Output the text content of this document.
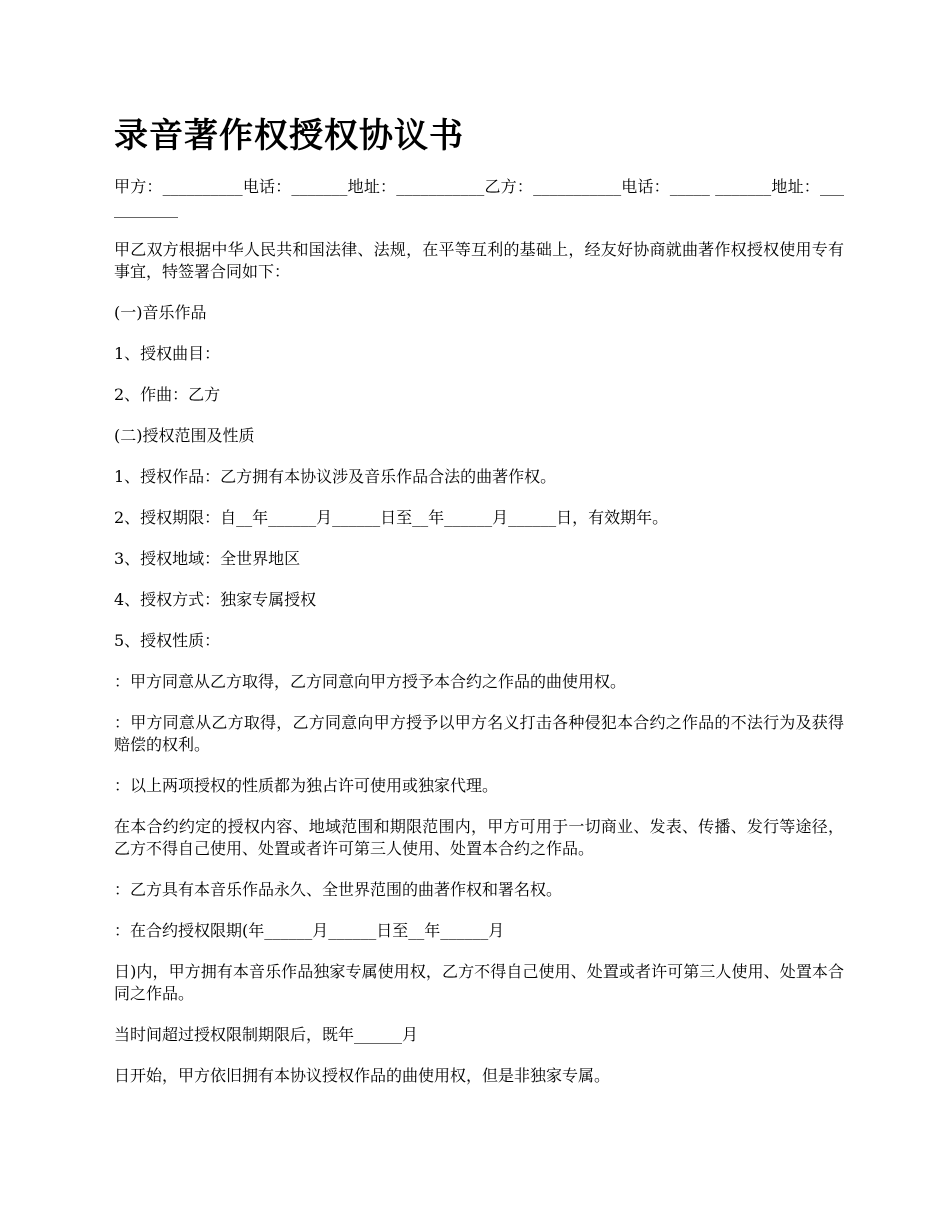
录音著作权授权协议书

甲方：__________电话：_______地址：___________乙方：___________电话：_____ _______地址：___________

甲乙双方根据中华人民共和国法律、法规，在平等互利的基础上，经友好协商就曲著作权授权使用专有事宜，特签署合同如下：

(一)音乐作品

1、授权曲目：

2、作曲：乙方

(二)授权范围及性质

1、授权作品：乙方拥有本协议涉及音乐作品合法的曲著作权。

2、授权期限：自__年______月______日至__年______月______日，有效期年。

3、授权地域：全世界地区

4、授权方式：独家专属授权

5、授权性质：

：甲方同意从乙方取得，乙方同意向甲方授予本合约之作品的曲使用权。

：甲方同意从乙方取得，乙方同意向甲方授予以甲方名义打击各种侵犯本合约之作品的不法行为及获得赔偿的权利。

：以上两项授权的性质都为独占许可使用或独家代理。

在本合约约定的授权内容、地域范围和期限范围内，甲方可用于一切商业、发表、传播、发行等途径，乙方不得自己使用、处置或者许可第三人使用、处置本合约之作品。

：乙方具有本音乐作品永久、全世界范围的曲著作权和署名权。

：在合约授权限期(年______月______日至__年______月

日)内，甲方拥有本音乐作品独家专属使用权，乙方不得自己使用、处置或者许可第三人使用、处置本合同之作品。

当时间超过授权限制期限后，既年______月

日开始，甲方依旧拥有本协议授权作品的曲使用权，但是非独家专属。
